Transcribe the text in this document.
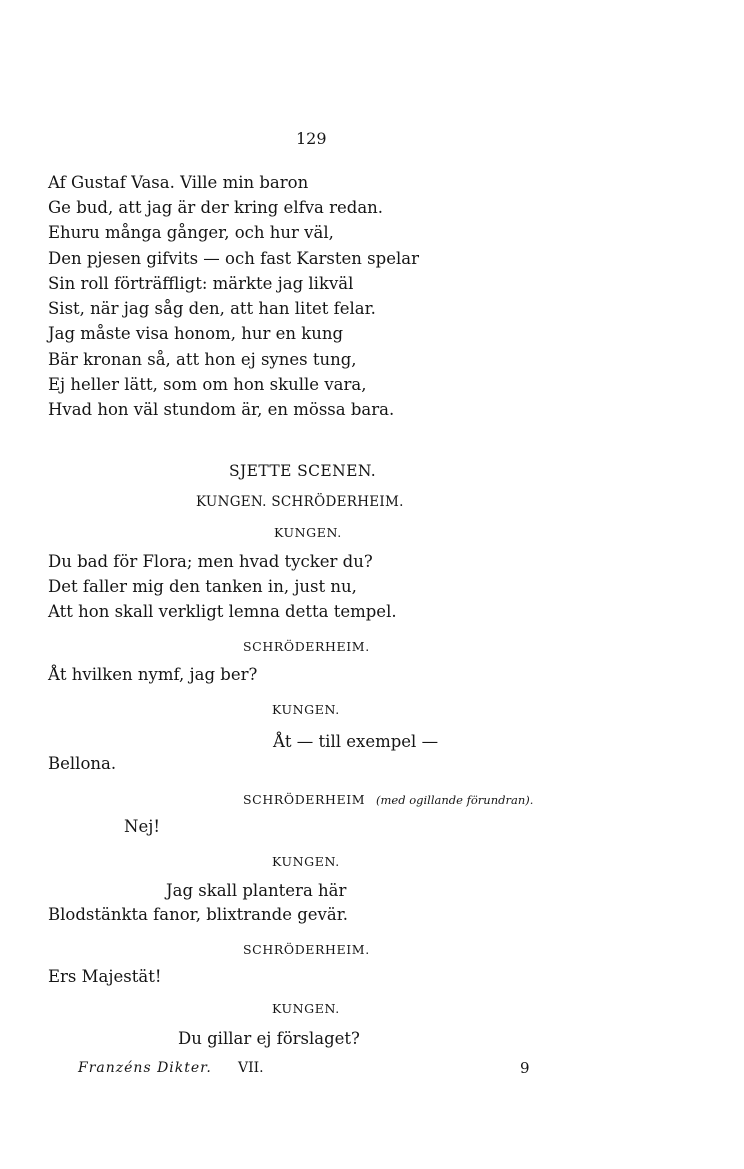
129
Af Gustaf Vasa. Ville min baron
Ge bud, att jag är der kring elfva redan.
Ehuru många gånger, och hur väl,
Den pjesen gifvits — och fast Karsten spelar
Sin roll förträffligt: märkte jag likväl
Sist, när jag såg den, att han litet felar.
Jag måste visa honom, hur en kung
Bär kronan så, att hon ej synes tung,
Ej heller lätt, som om hon skulle vara,
Hvad hon väl stundom är, en mössa bara.
SJETTE SCENEN.
KUNGEN. SCHRÖDERHEIM.
KUNGEN.
Du bad för Flora; men hvad tycker du?
Det faller mig den tanken in, just nu,
Att hon skall verkligt lemna detta tempel.
SCHRÖDERHEIM.
Åt hvilken nymf, jag ber?
KUNGEN.
Åt — till exempel —
Bellona.
SCHRÖDERHEIM (med ogillande förundran).
Nej!
KUNGEN.
Jag skall plantera här
Blodstänkta fanor, blixtrande gevär.
SCHRÖDERHEIM.
Ers Majestät!
KUNGEN.
Du gillar ej förslaget?
Franzéns Dikter. VII.	9
